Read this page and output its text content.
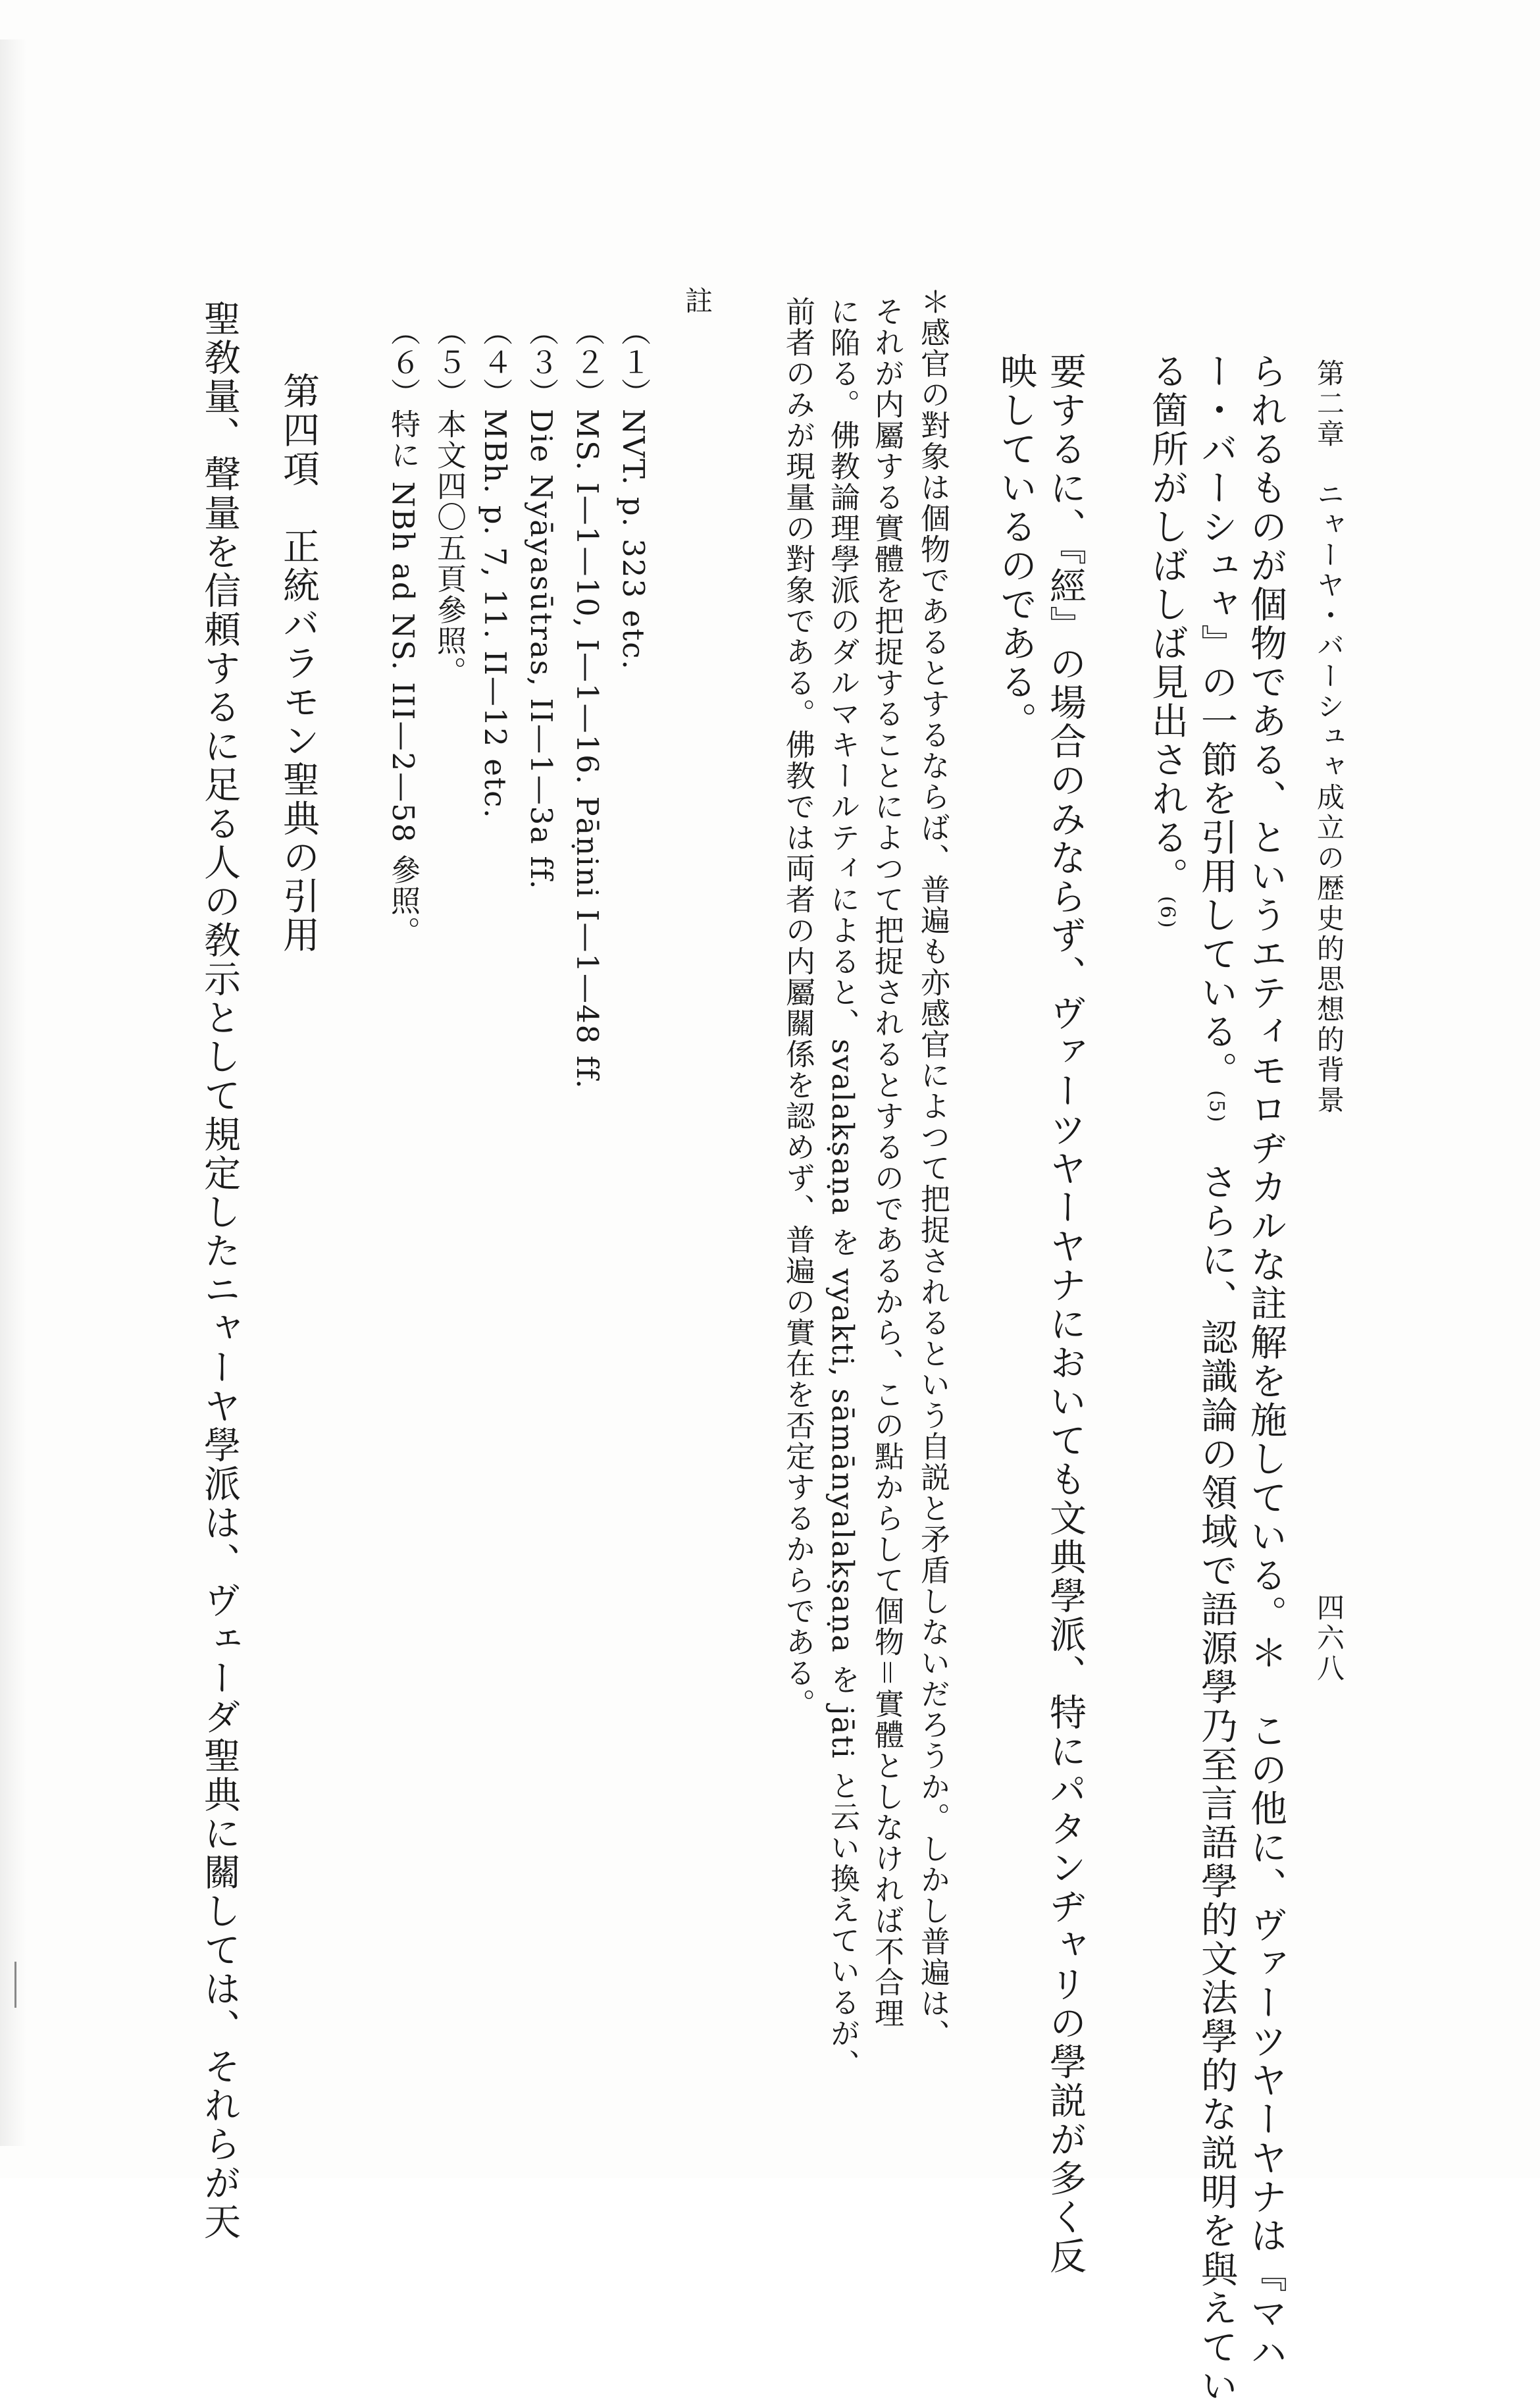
第二章　ニャーヤ・バーシュャ成立の歴史的思想的背景
四六八
られるものが個物である、というエティモロヂカルな註解を施している。＊　この他に、ヴァーツヤーヤナは『マハ
ー・バーシュャ』の一節を引用している。(5)　さらに、認識論の領域で語源學乃至言語學的文法學的な説明を與えてい
る箇所がしばしば見出される。(6)
要するに、『經』の場合のみならず、ヴァーツヤーヤナにおいても文典學派、特にパタンヂャリの學説が多く反
映しているのである。
＊感官の對象は個物であるとするならば、普遍も亦感官によつて把捉されるという自説と矛盾しないだろうか。しかし普遍は、
それが内屬する實體を把捉することによつて把捉されるとするのであるから、この點からして個物＝實體としなければ不合理
に陥る。佛教論理學派のダルマキールティによると、svalakṣaṇa を vyakti, sāmānyalakṣaṇa を jāti と云い換えているが、
前者のみが現量の對象である。佛教では両者の内屬關係を認めず、普遍の實在を否定するからである。
註
（１）NVT. p. 323 etc.
（２）MS. I—1—10, I—1—16. Pāṇini I—1—48 ff.
（３）Die Nyāyasūtras, II—1—3a ff.
（４）MBh. p. 7, 11. II—12 etc.
（５）本文四〇五頁參照。
（６）特に NBh ad NS. III—2—58 參照。
第四項　正統バラモン聖典の引用
聖敎量、聲量を信頼するに足る人の敎示として規定したニャーヤ學派は、ヴェーダ聖典に關しては、それらが天
